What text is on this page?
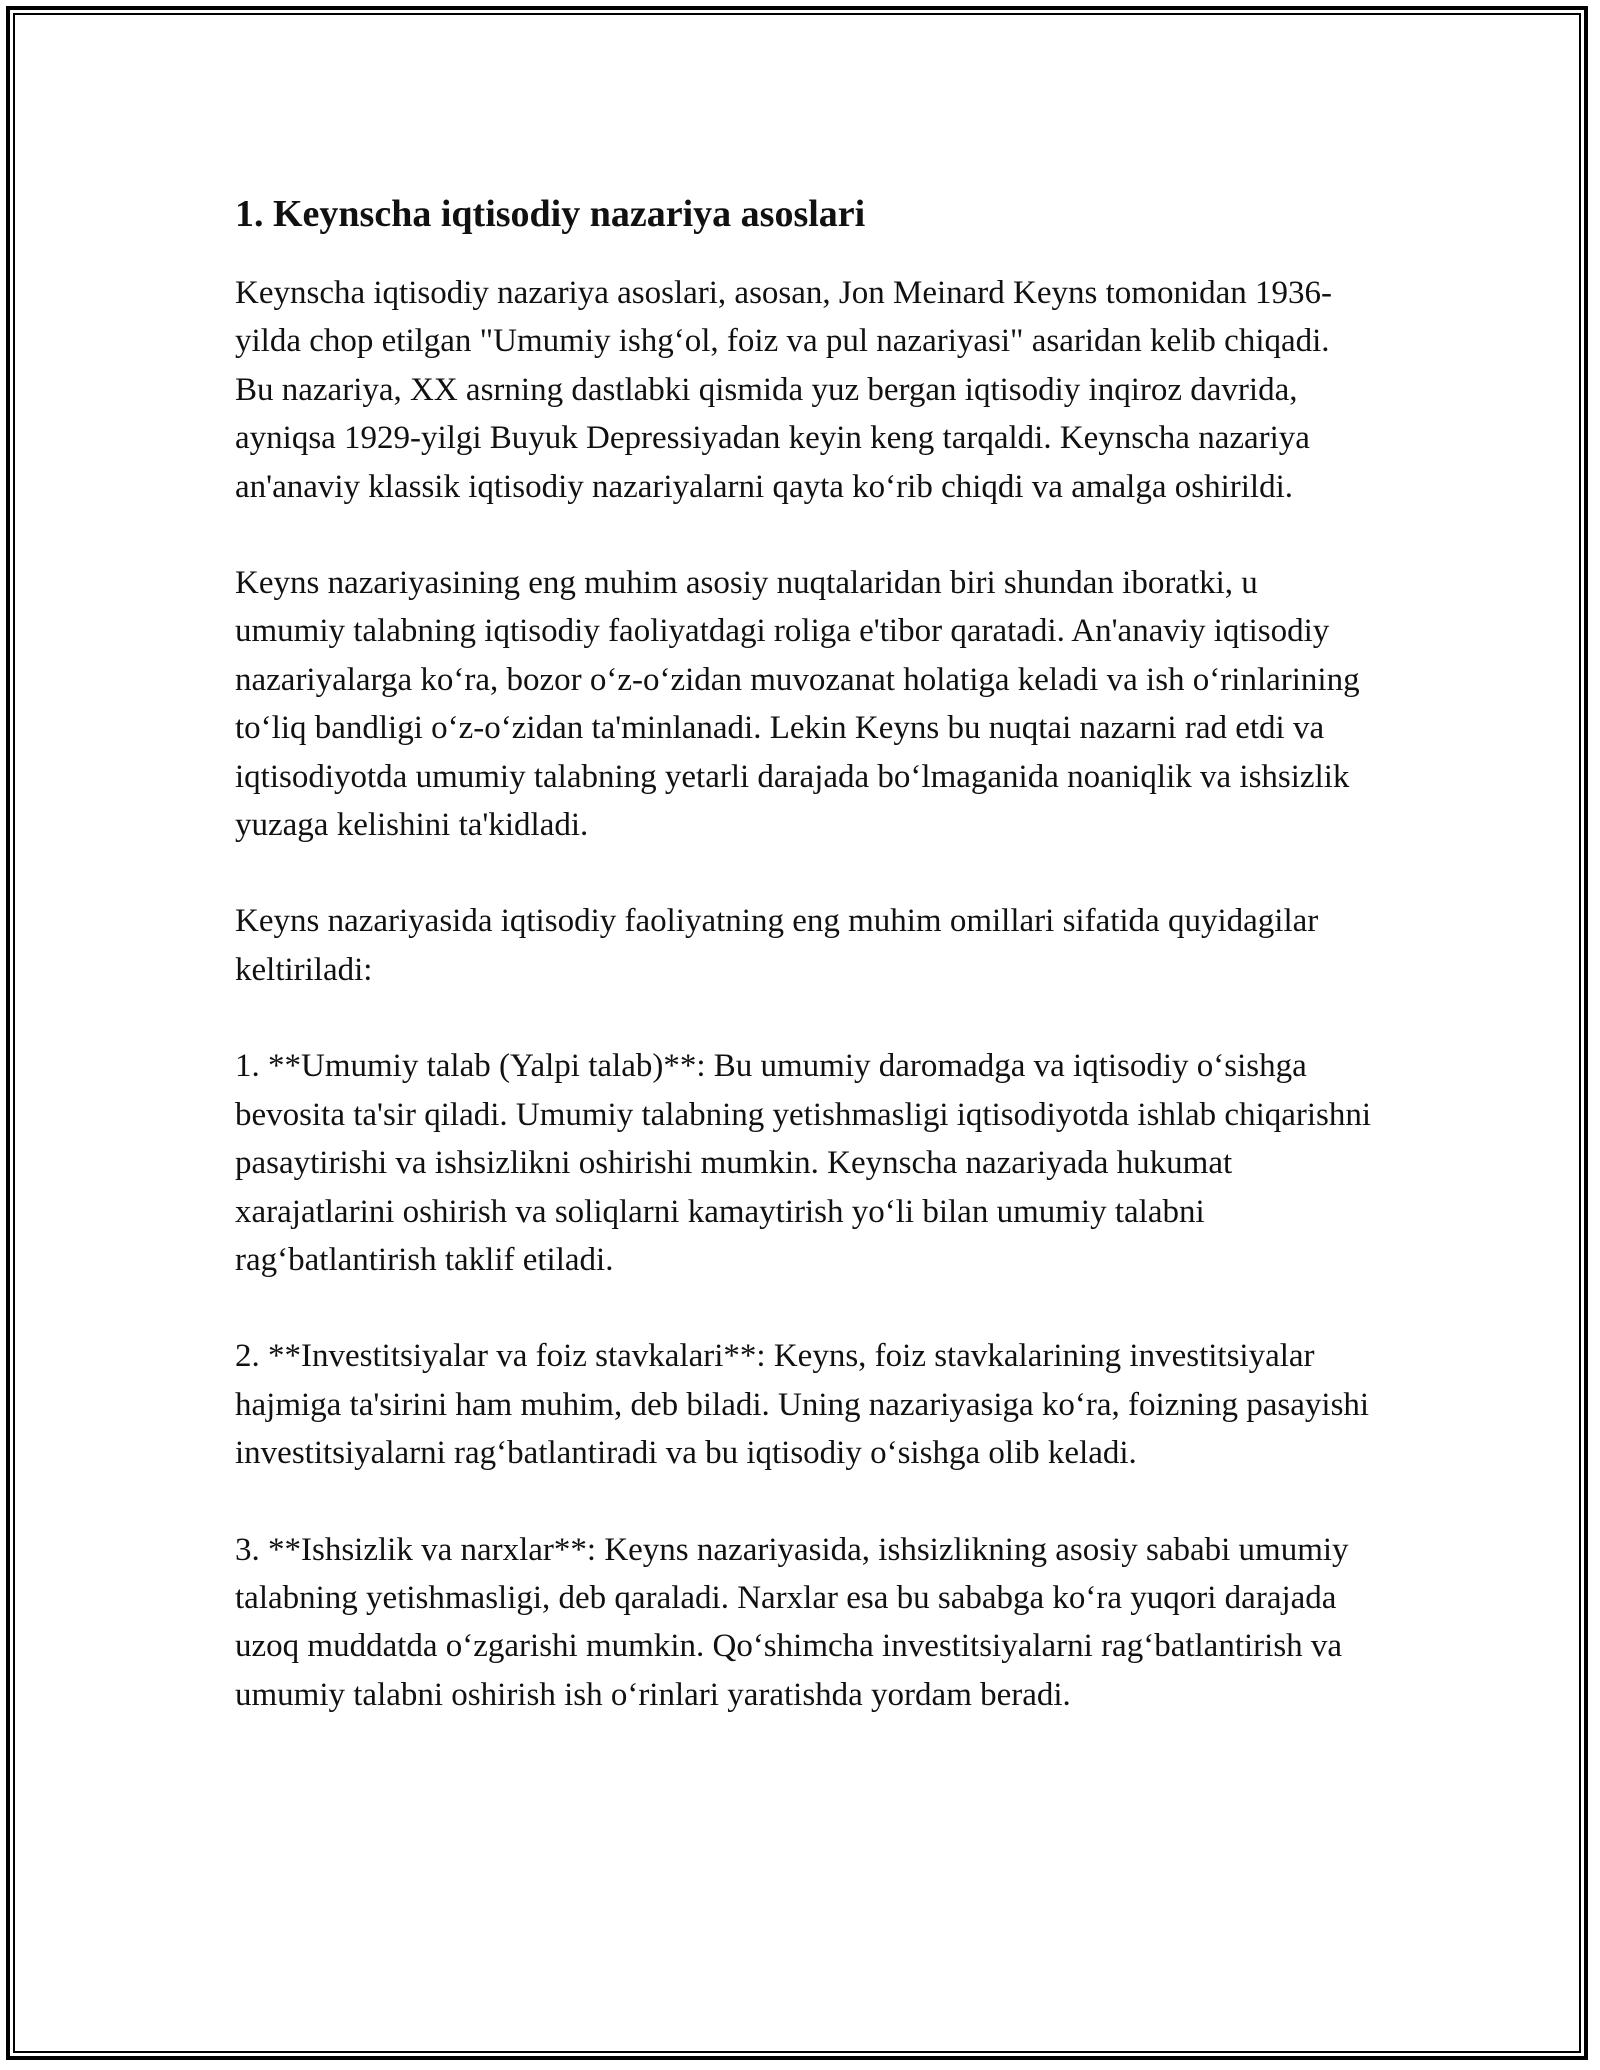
1. Keynscha iqtisodiy nazariya asoslari

Keynscha iqtisodiy nazariya asoslari, asosan, Jon Meinard Keyns tomonidan 1936-yilda chop etilgan "Umumiy ishg‘ol, foiz va pul nazariyasi" asaridan kelib chiqadi. Bu nazariya, XX asrning dastlabki qismida yuz bergan iqtisodiy inqiroz davrida, ayniqsa 1929-yilgi Buyuk Depressiyadan keyin keng tarqaldi. Keynscha nazariya an'anaviy klassik iqtisodiy nazariyalarni qayta ko‘rib chiqdi va amalga oshirildi.

Keyns nazariyasining eng muhim asosiy nuqtalaridan biri shundan iboratki, u umumiy talabning iqtisodiy faoliyatdagi roliga e'tibor qaratadi. An'anaviy iqtisodiy nazariyalarga ko‘ra, bozor o‘z-o‘zidan muvozanat holatiga keladi va ish o‘rinlarining to‘liq bandligi o‘z-o‘zidan ta'minlanadi. Lekin Keyns bu nuqtai nazarni rad etdi va iqtisodiyotda umumiy talabning yetarli darajada bo‘lmaganida noaniqlik va ishsizlik yuzaga kelishini ta'kidladi.

Keyns nazariyasida iqtisodiy faoliyatning eng muhim omillari sifatida quyidagilar keltiriladi:

1. **Umumiy talab (Yalpi talab)**: Bu umumiy daromadga va iqtisodiy o‘sishga bevosita ta'sir qiladi. Umumiy talabning yetishmasligi iqtisodiyotda ishlab chiqarishni pasaytirishi va ishsizlikni oshirishi mumkin. Keynscha nazariyada hukumat xarajatlarini oshirish va soliqlarni kamaytirish yo‘li bilan umumiy talabni rag‘batlantirish taklif etiladi.

2. **Investitsiyalar va foiz stavkalari**: Keyns, foiz stavkalarining investitsiyalar hajmiga ta'sirini ham muhim, deb biladi. Uning nazariyasiga ko‘ra, foizning pasayishi investitsiyalarni rag‘batlantiradi va bu iqtisodiy o‘sishga olib keladi.

3. **Ishsizlik va narxlar**: Keyns nazariyasida, ishsizlikning asosiy sababi umumiy talabning yetishmasligi, deb qaraladi. Narxlar esa bu sababga ko‘ra yuqori darajada uzoq muddatda o‘zgarishi mumkin. Qo‘shimcha investitsiyalarni rag‘batlantirish va umumiy talabni oshirish ish o‘rinlari yaratishda yordam beradi.
